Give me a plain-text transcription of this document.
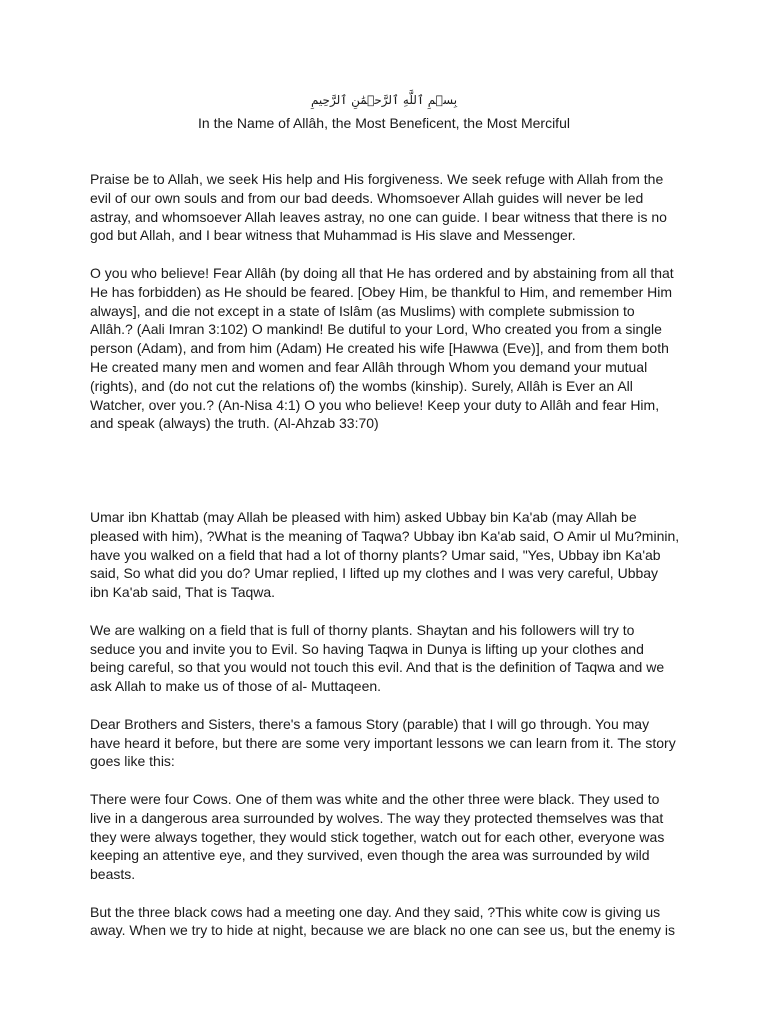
بِسۡمِ ٱللَّهِ ٱلرَّحۡمَٰنِ ٱلرَّحِيمِ
In the Name of Allâh, the Most Beneficent, the Most Merciful

Praise be to Allah, we seek His help and His forgiveness. We seek refuge with Allah from the evil of our own souls and from our bad deeds. Whomsoever Allah guides will never be led astray, and whomsoever Allah leaves astray, no one can guide. I bear witness that there is no god but Allah, and I bear witness that Muhammad is His slave and Messenger.

O you who believe! Fear Allâh (by doing all that He has ordered and by abstaining from all that He has forbidden) as He should be feared. [Obey Him, be thankful to Him, and remember Him always], and die not except in a state of Islâm (as Muslims) with complete submission to Allâh.? (Aali Imran 3:102) O mankind! Be dutiful to your Lord, Who created you from a single person (Adam), and from him (Adam) He created his wife [Hawwa (Eve)], and from them both He created many men and women and fear Allâh through Whom you demand your mutual (rights), and (do not cut the relations of) the wombs (kinship). Surely, Allâh is Ever an All Watcher, over you.? (An-Nisa 4:1) O you who believe! Keep your duty to Allâh and fear Him, and speak (always) the truth. (Al-Ahzab 33:70)

Umar ibn Khattab (may Allah be pleased with him) asked Ubbay bin Ka'ab (may Allah be pleased with him), ?What is the meaning of Taqwa? Ubbay ibn Ka'ab said, O Amir ul Mu?minin, have you walked on a field that had a lot of thorny plants? Umar said, "Yes, Ubbay ibn Ka'ab said, So what did you do? Umar replied, I lifted up my clothes and I was very careful, Ubbay ibn Ka'ab said, That is Taqwa.

We are walking on a field that is full of thorny plants. Shaytan and his followers will try to seduce you and invite you to Evil. So having Taqwa in Dunya is lifting up your clothes and being careful, so that you would not touch this evil. And that is the definition of Taqwa and we ask Allah to make us of those of al- Muttaqeen.

Dear Brothers and Sisters, there's a famous Story (parable) that I will go through. You may have heard it before, but there are some very important lessons we can learn from it. The story goes like this:

There were four Cows. One of them was white and the other three were black. They used to live in a dangerous area surrounded by wolves. The way they protected themselves was that they were always together, they would stick together, watch out for each other, everyone was keeping an attentive eye, and they survived, even though the area was surrounded by wild beasts.

But the three black cows had a meeting one day. And they said, ?This white cow is giving us away. When we try to hide at night, because we are black no one can see us, but the enemy is
